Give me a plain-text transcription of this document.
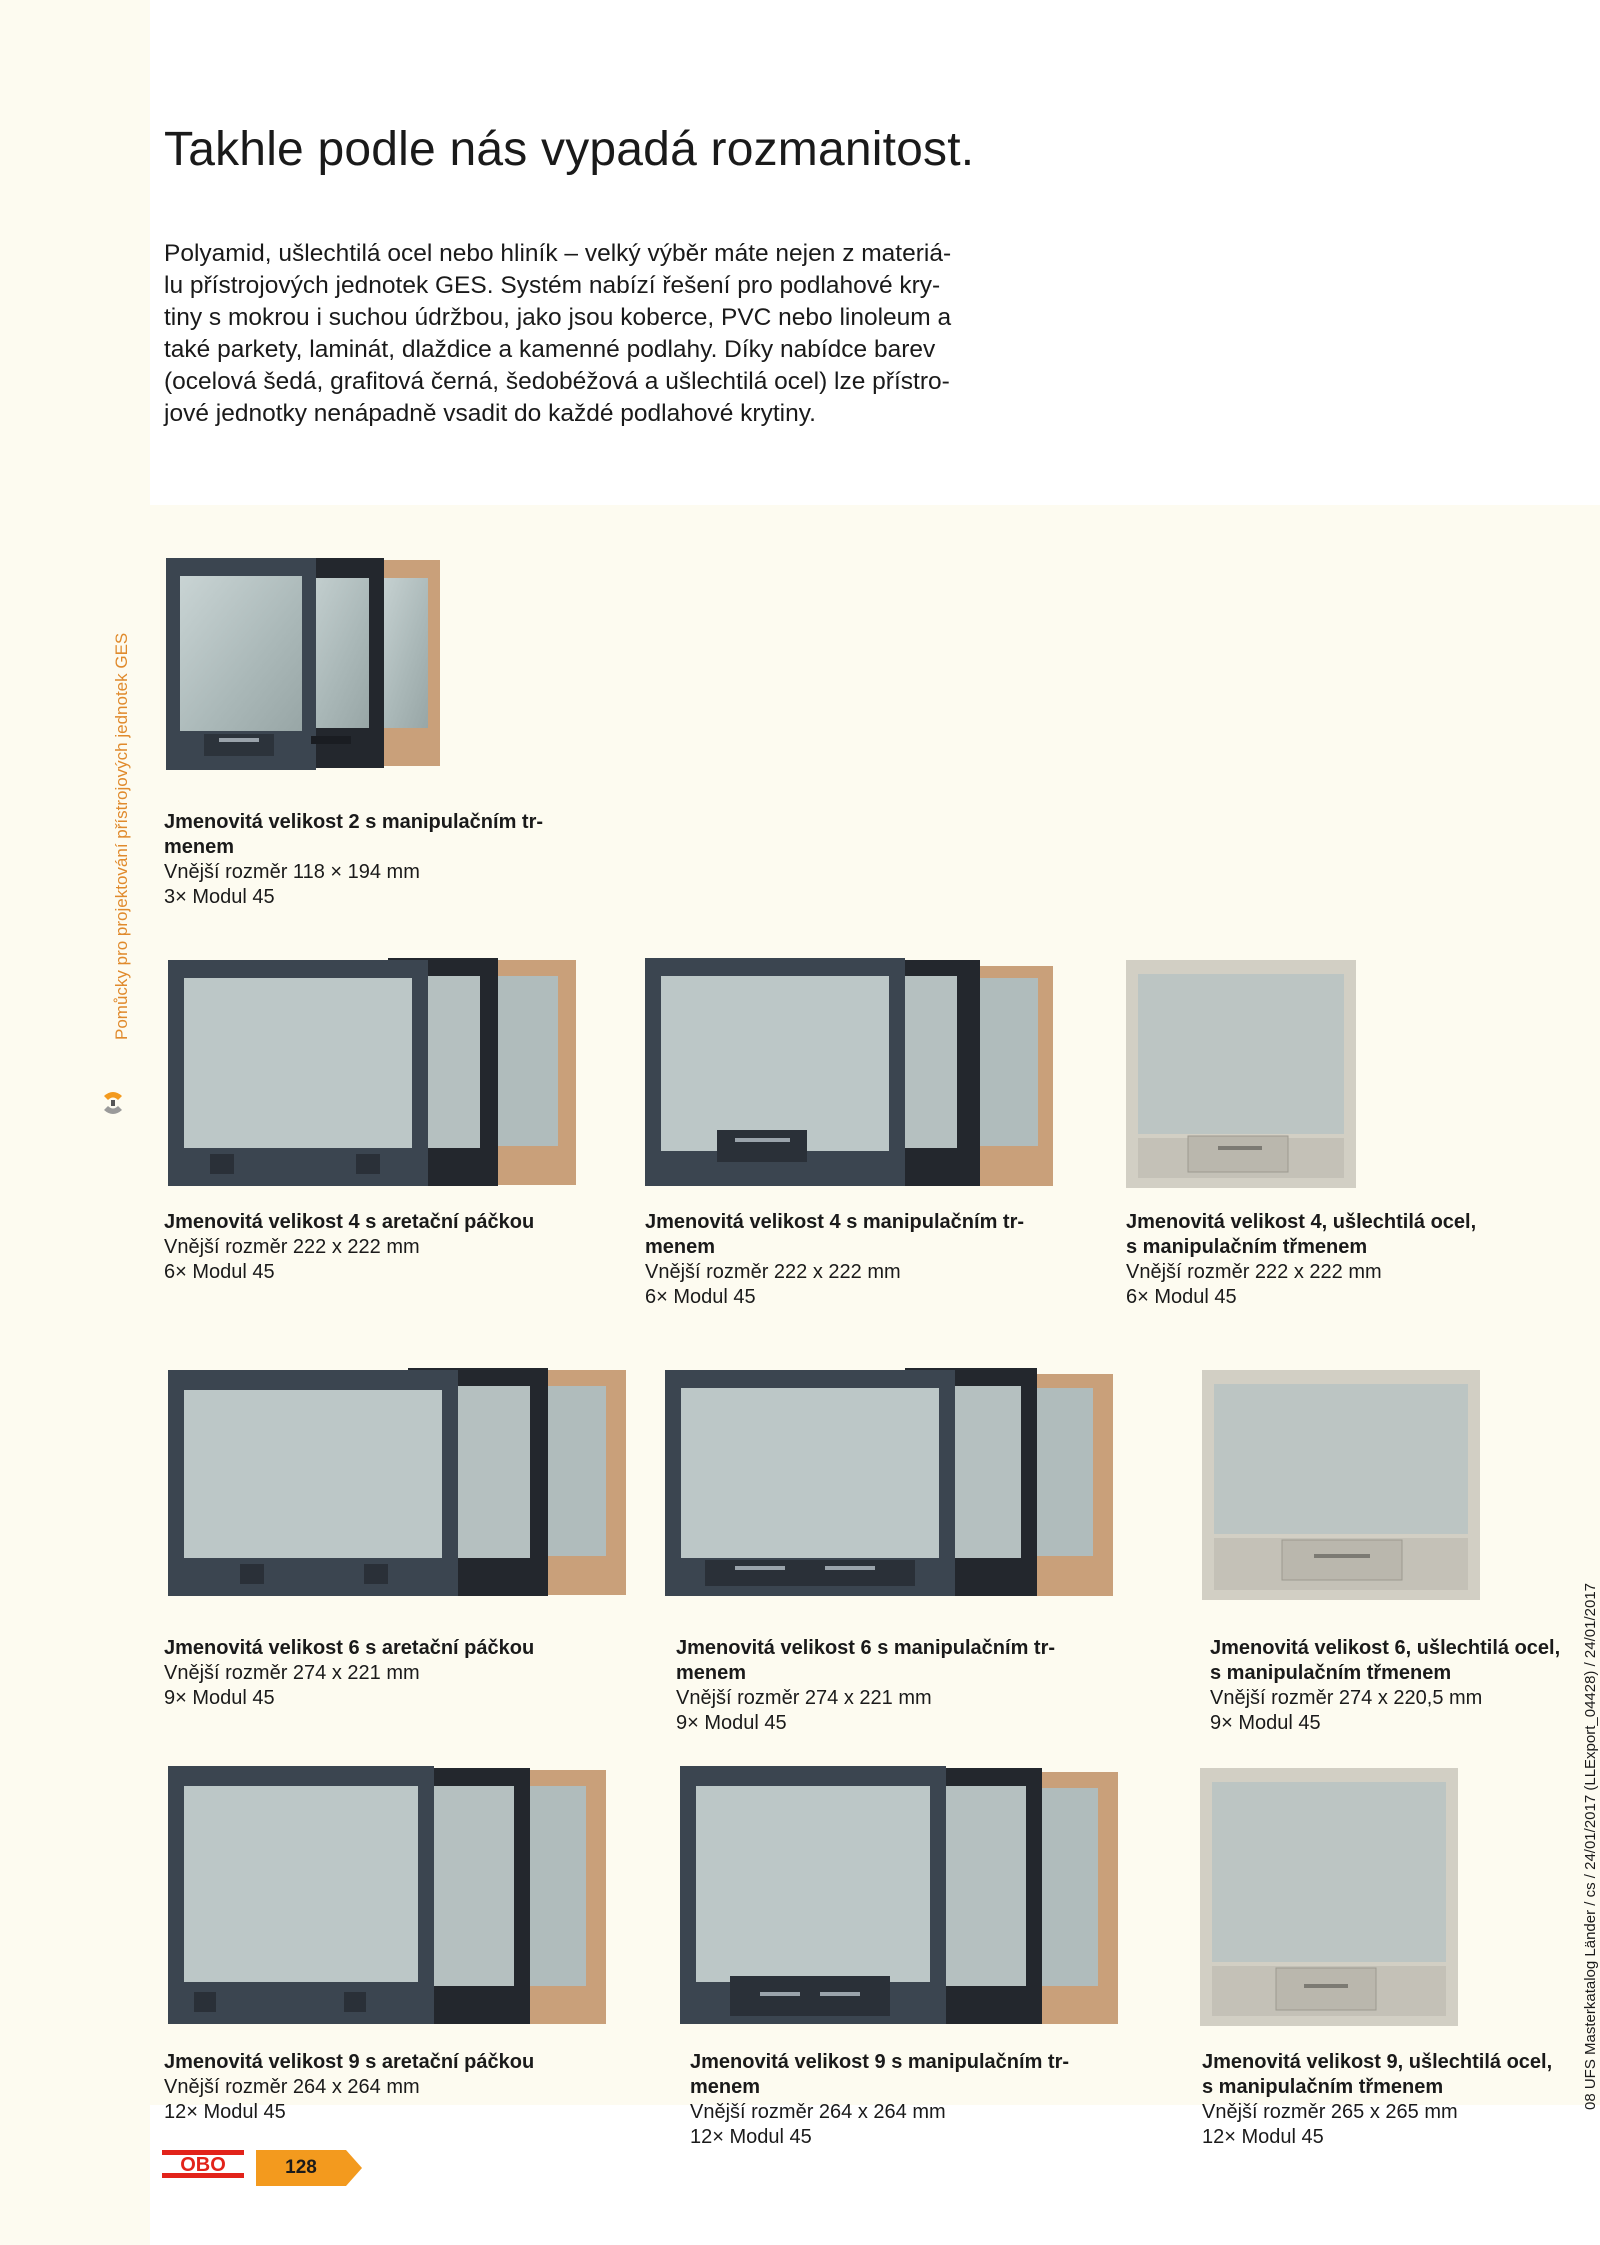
Takhle podle nás vypadá rozmanitost.

Polyamid, ušlechtilá ocel nebo hliník – velký výběr máte nejen z materiá-
lu přístrojových jednotek GES. Systém nabízí řešení pro podlahové kry-
tiny s mokrou i suchou údržbou, jako jsou koberce, PVC nebo linoleum a
také parkety, laminát, dlaždice a kamenné podlahy. Díky nabídce barev
(ocelová šedá, grafitová černá, šedobéžová a ušlechtilá ocel) lze přístro-
jové jednotky nenápadně vsadit do každé podlahové krytiny.

Pomůcky pro projektování přístrojových jednotek GES
08 UFS Masterkatalog Länder / cs / 24/01/2017 (LLExport_04428) / 24/01/2017
Jmenovitá velikost 2 s manipulačním tr-
menem
Vnější rozměr 118 × 194 mm
3× Modul 45
Jmenovitá velikost 4 s aretační páčkou
Vnější rozměr 222 x 222 mm
6× Modul 45
Jmenovitá velikost 4 s manipulačním tr-
menem
Vnější rozměr 222 x 222 mm
6× Modul 45
Jmenovitá velikost 4, ušlechtilá ocel,
s manipulačním třmenem
Vnější rozměr 222 x 222 mm
6× Modul 45
Jmenovitá velikost 6 s aretační páčkou
Vnější rozměr 274 x 221 mm
9× Modul 45
Jmenovitá velikost 6 s manipulačním tr-
menem
Vnější rozměr 274 x 221 mm
9× Modul 45
Jmenovitá velikost 6, ušlechtilá ocel,
s manipulačním třmenem
Vnější rozměr 274 x 220,5 mm
9× Modul 45
Jmenovitá velikost 9 s aretační páčkou
Vnější rozměr 264 x 264 mm
12× Modul 45
Jmenovitá velikost 9 s manipulačním tr-
menem
Vnější rozměr 264 x 264 mm
12× Modul 45
Jmenovitá velikost 9, ušlechtilá ocel,
s manipulačním třmenem
Vnější rozměr 265 x 265 mm
12× Modul 45
OBO	128
